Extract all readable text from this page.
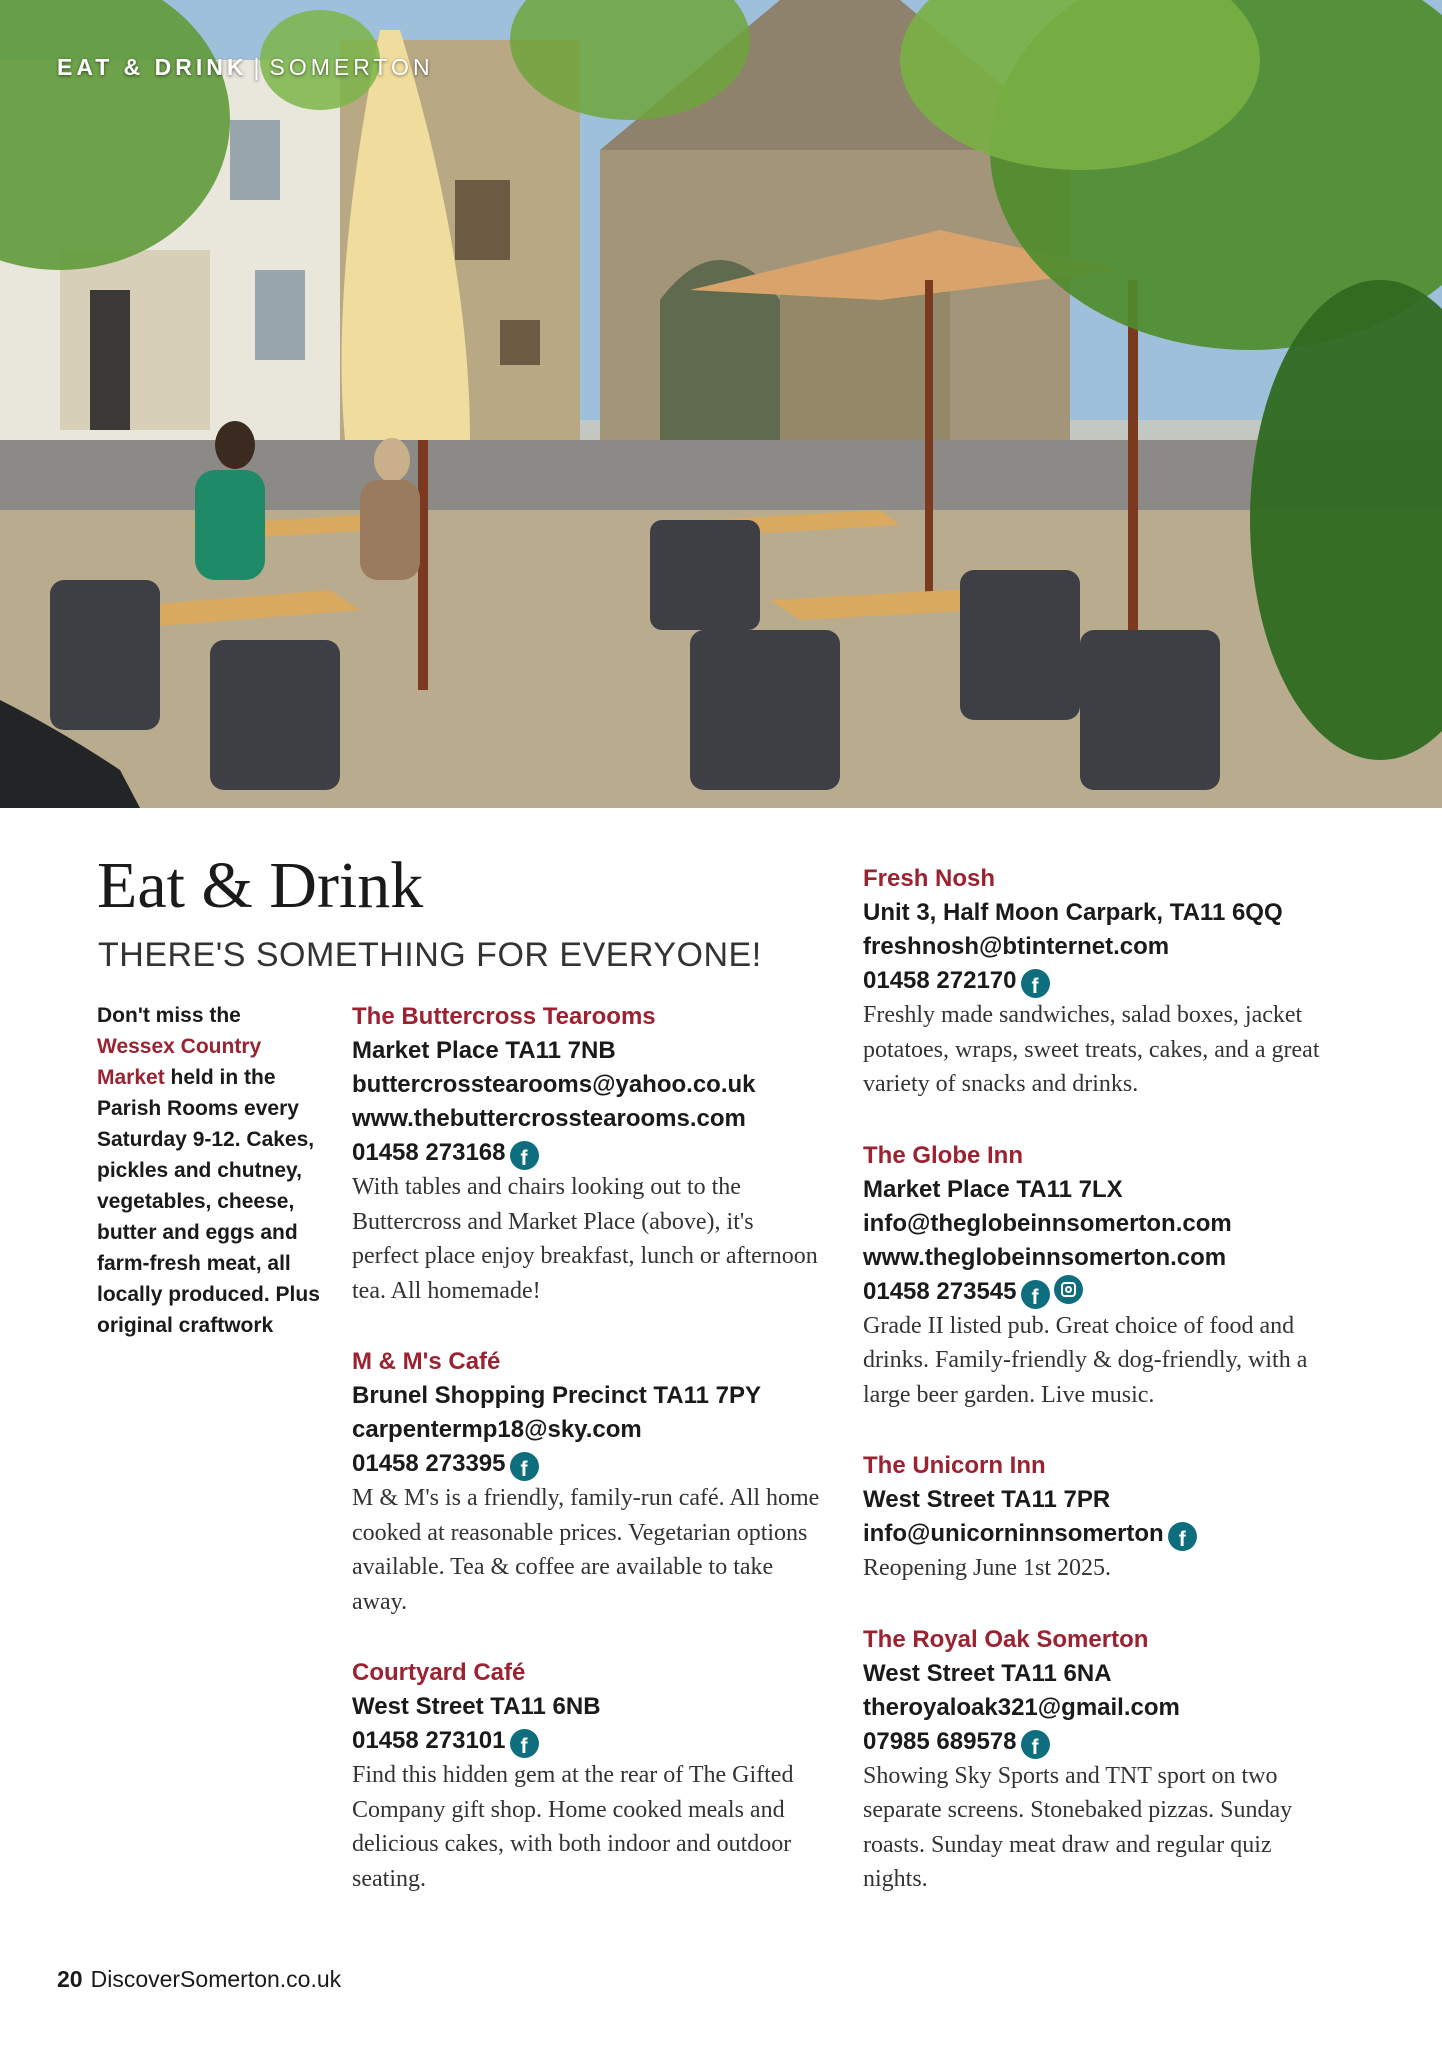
EAT & DRINK | SOMERTON
Eat & Drink
THERE'S SOMETHING FOR EVERYONE!
Don't miss the Wessex Country Market held in the Parish Rooms every Saturday 9-12. Cakes, pickles and chutney, vegetables, cheese, butter and eggs and farm-fresh meat, all locally produced. Plus original craftwork
The Buttercross Tearooms
Market Place TA11 7NB
buttercrosstearooms@yahoo.co.uk
www.thebuttercrosstearooms.com
01458 273168f
With tables and chairs looking out to the Buttercross and Market Place (above), it's perfect place enjoy breakfast, lunch or afternoon tea. All homemade!
M & M's Café
Brunel Shopping Precinct TA11 7PY
carpentermp18@sky.com
01458 273395f
M & M's is a friendly, family-run café. All home cooked at reasonable prices. Vegetarian options available. Tea & coffee are available to take away.
Courtyard Café
West Street TA11 6NB
01458 273101f
Find this hidden gem at the rear of The Gifted Company gift shop. Home cooked meals and delicious cakes, with both indoor and outdoor seating.
Fresh Nosh
Unit 3, Half Moon Carpark, TA11 6QQ
freshnosh@btinternet.com
01458 272170f
Freshly made sandwiches, salad boxes, jacket potatoes, wraps, sweet treats, cakes, and a great variety of snacks and drinks.
The Globe Inn
Market Place TA11 7LX
info@theglobeinnsomerton.com
www.theglobeinnsomerton.com
01458 273545f
Grade II listed pub. Great choice of food and drinks. Family-friendly & dog-friendly, with a large beer garden. Live music.
The Unicorn Inn
West Street TA11 7PR
info@unicorninnsomertonf
Reopening June 1st 2025.
The Royal Oak Somerton
West Street TA11 6NA
theroyaloak321@gmail.com
07985 689578f
Showing Sky Sports and TNT sport on two separate screens. Stonebaked pizzas. Sunday roasts. Sunday meat draw and regular quiz nights.
20 DiscoverSomerton.co.uk
